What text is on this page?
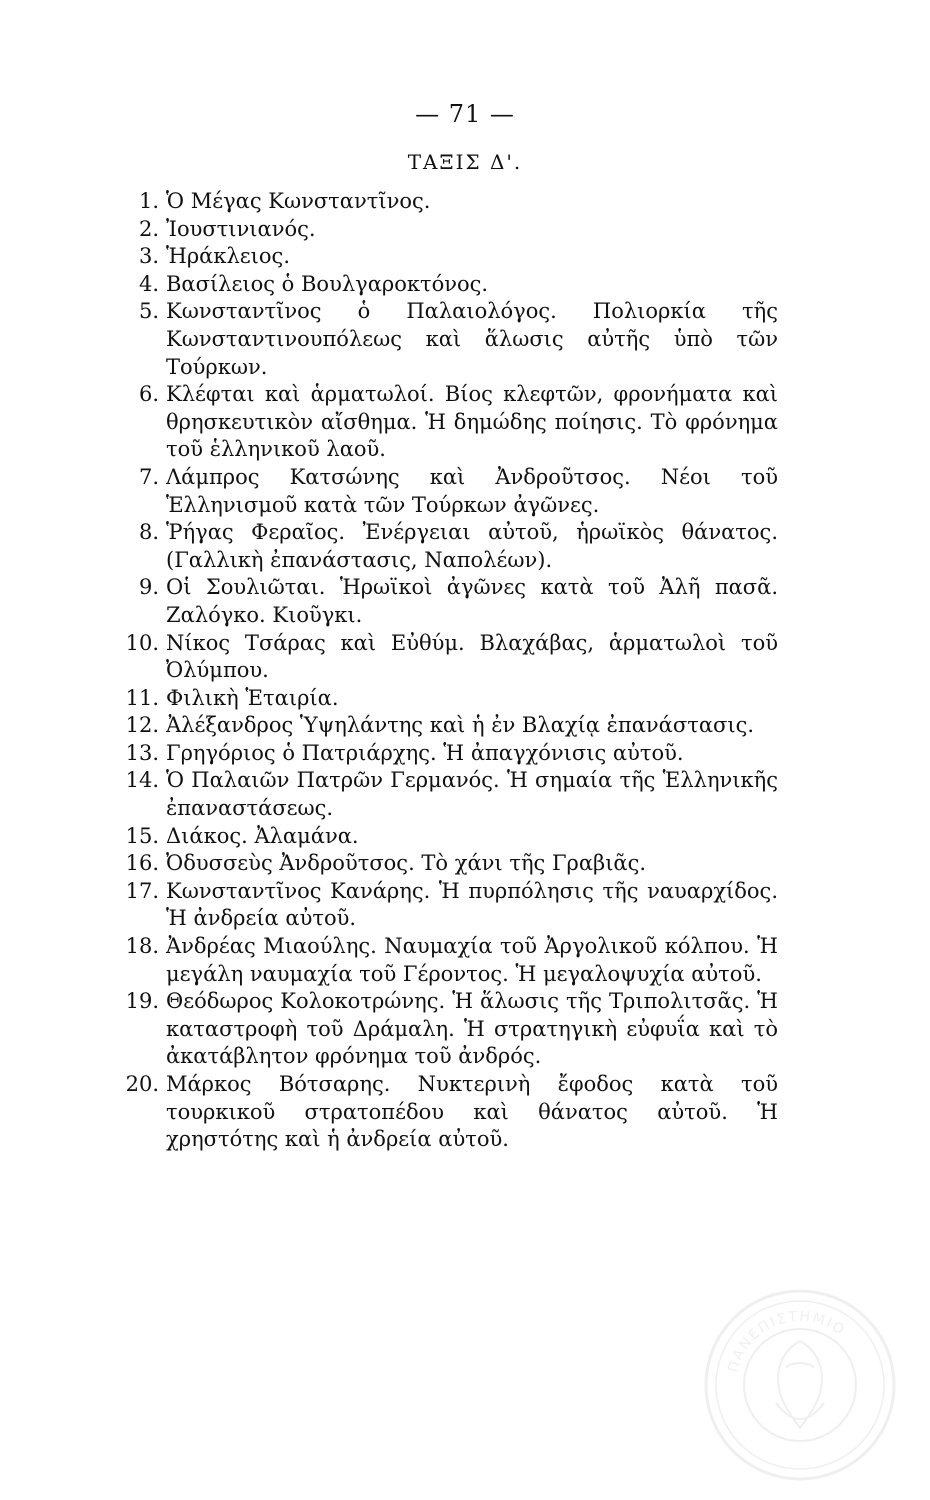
— 71 —
ΤΑΞΙΣ Δ'.
1. Ὁ Μέγας Κωνσταντῖνος.
2. Ἰουστινιανός.
3. Ἡράκλειος.
4. Βασίλειος ὁ Βουλγαροκτόνος.
5. Κωνσταντῖνος ὁ Παλαιολόγος. Πολιορκία τῆς Κωνσταντινουπόλεως καὶ ἅλωσις αὐτῆς ὑπὸ τῶν Τούρκων.
6. Κλέφται καὶ ἁρματωλοί. Βίος κλεφτῶν, φρονήματα καὶ θρησκευτικὸν αἴσθημα. Ἡ δημώδης ποίησις. Τὸ φρόνημα τοῦ ἑλληνικοῦ λαοῦ.
7. Λάμπρος Κατσώνης καὶ Ἀνδροῦτσος. Νέοι τοῦ Ἑλληνισμοῦ κατὰ τῶν Τούρκων ἀγῶνες.
8. Ῥήγας Φεραῖος. Ἐνέργειαι αὐτοῦ, ἡρωϊκὸς θάνατος. (Γαλλικὴ ἐπανάστασις, Ναπολέων).
9. Οἱ Σουλιῶται. Ἡρωϊκοὶ ἀγῶνες κατὰ τοῦ Ἀλῆ πασᾶ. Ζαλόγκο. Κιοῦγκι.
10. Νίκος Τσάρας καὶ Εὐθύμ. Βλαχάβας, ἁρματωλοὶ τοῦ Ὀλύμπου.
11. Φιλικὴ Ἑταιρία.
12. Ἀλέξανδρος Ὑψηλάντης καὶ ἡ ἐν Βλαχίᾳ ἐπανάστασις.
13. Γρηγόριος ὁ Πατριάρχης. Ἡ ἀπαγχόνισις αὐτοῦ.
14. Ὁ Παλαιῶν Πατρῶν Γερμανός. Ἡ σημαία τῆς Ἑλληνικῆς ἐπαναστάσεως.
15. Διάκος. Ἀλαμάνα.
16. Ὀδυσσεὺς Ἀνδροῦτσος. Τὸ χάνι τῆς Γραβιᾶς.
17. Κωνσταντῖνος Κανάρης. Ἡ πυρπόλησις τῆς ναυαρχίδος. Ἡ ἀνδρεία αὐτοῦ.
18. Ἀνδρέας Μιαούλης. Ναυμαχία τοῦ Ἀργολικοῦ κόλπου. Ἡ μεγάλη ναυμαχία τοῦ Γέροντος. Ἡ μεγαλοψυχία αὐτοῦ.
19. Θεόδωρος Κολοκοτρώνης. Ἡ ἅλωσις τῆς Τριπολιτσᾶς. Ἡ καταστροφὴ τοῦ Δράμαλη. Ἡ στρατηγικὴ εὐφυΐα καὶ τὸ ἀκατάβλητον φρόνημα τοῦ ἀνδρός.
20. Μάρκος Βότσαρης. Νυκτερινὴ ἔφοδος κατὰ τοῦ τουρκικοῦ στρατοπέδου καὶ θάνατος αὐτοῦ. Ἡ χρηστότης καὶ ἡ ἀνδρεία αὐτοῦ.
ΠΑΝΕΠΙΣΤΗΜΙΟ
